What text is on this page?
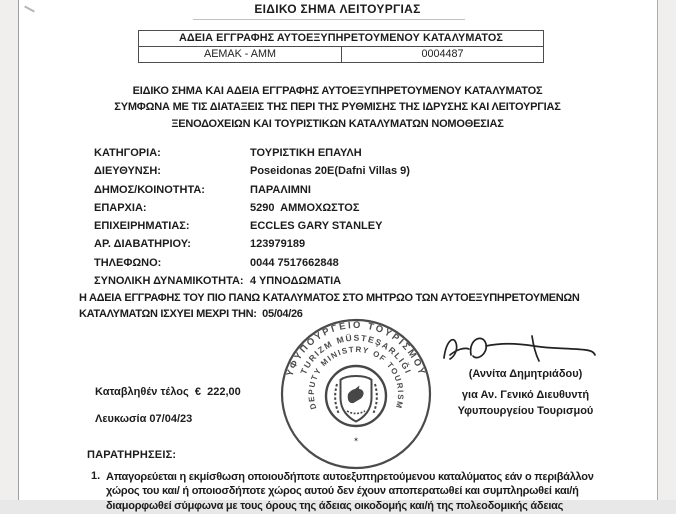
ΕΙΔΙΚΟ ΣΗΜΑ ΛΕΙΤΟΥΡΓΙΑΣ
ΑΔΕΙΑ ΕΓΓΡΑΦΗΣ ΑΥΤΟΕΞΥΠΗΡΕΤΟΥΜΕΝΟΥ ΚΑΤΑΛΥΜΑΤΟΣ
ΑΕΜΑΚ - ΑΜΜ	0004487
ΕΙΔΙΚΟ ΣΗΜΑ ΚΑΙ ΑΔΕΙΑ ΕΓΓΡΑΦΗΣ ΑΥΤΟΕΞΥΠΗΡΕΤΟΥΜΕΝΟΥ ΚΑΤΑΛΥΜΑΤΟΣ
ΣΥΜΦΩΝΑ ΜΕ ΤΙΣ ΔΙΑΤΑΞΕΙΣ ΤΗΣ ΠΕΡΙ ΤΗΣ ΡΥΘΜΙΣΗΣ ΤΗΣ ΙΔΡΥΣΗΣ ΚΑΙ ΛΕΙΤΟΥΡΓΙΑΣ
ΞΕΝΟΔΟΧΕΙΩΝ ΚΑΙ ΤΟΥΡΙΣΤΙΚΩΝ ΚΑΤΑΛΥΜΑΤΩΝ ΝΟΜΟΘΕΣΙΑΣ
ΚΑΤΗΓΟΡΙΑ:	ΤΟΥΡΙΣΤΙΚΗ ΕΠΑΥΛΗ
ΔΙΕΥΘΥΝΣΗ:	Poseidonas 20E(Dafni Villas 9)
ΔΗΜΟΣ/ΚΟΙΝΟΤΗΤΑ:	ΠΑΡΑΛΙΜΝΙ
ΕΠΑΡΧΙΑ:	5290  ΑΜΜΟΧΩΣΤΟΣ
ΕΠΙΧΕΙΡΗΜΑΤΙΑΣ:	ECCLES GARY STANLEY
ΑΡ. ΔΙΑΒΑΤΗΡΙΟΥ:	123979189
ΤΗΛΕΦΩΝΟ:	0044 7517662848
ΣΥΝΟΛΙΚΗ ΔΥΝΑΜΙΚΟΤΗΤΑ: 4 ΥΠΝΟΔΩΜΑΤΙΑ
Η ΑΔΕΙΑ ΕΓΓΡΑΦΗΣ ΤΟΥ ΠΙΟ ΠΑΝΩ ΚΑΤΑΛΥΜΑΤΟΣ ΣΤΟ ΜΗΤΡΩΟ ΤΩΝ ΑΥΤΟΕΞΥΠΗΡΕΤΟΥΜΕΝΩΝ
ΚΑΤΑΛΥΜΑΤΩΝ ΙΣΧΥΕΙ ΜΕΧΡΙ ΤΗΝ:  05/04/26
ΥΦΥΠΟΥΡΓΕΙΟ ΤΟΥΡΙΣΜΟΥ
TURIZM MÜSTEŞARLIĞI
DEPUTY MINISTRY OF TOURISM
✶
(Αννίτα Δημητριάδου)
για Αν. Γενικό Διευθυντή
Υφυπουργείου Τουρισμού
Καταβληθέν τέλος  €  222,00
Λευκωσία 07/04/23
ΠΑΡΑΤΗΡΗΣΕΙΣ:
1. Απαγορεύεται η εκμίσθωση οποιουδήποτε αυτοεξυπηρετούμενου καταλύματος εάν ο περιβάλλον
χώρος του και/ ή οποιοσδήποτε χώρος αυτού δεν έχουν αποπερατωθεί και συμπληρωθεί και/ή
διαμορφωθεί σύμφωνα με τους όρους της άδειας οικοδομής και/ή της πολεοδομικής άδειας
